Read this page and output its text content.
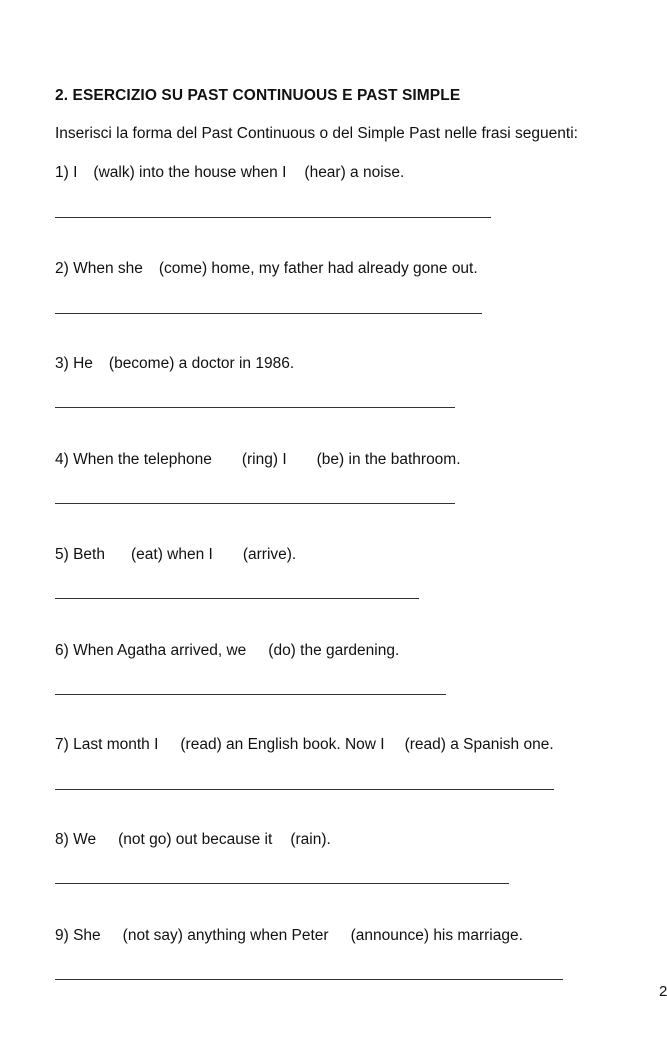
2. ESERCIZIO SU PAST CONTINUOUS E PAST SIMPLE
Inserisci la forma del Past Continuous o del Simple Past nelle frasi seguenti:
1) I (walk) into the house when I (hear) a noise.
2) When she (come) home, my father had already gone out.
3) He (become) a doctor in 1986.
4) When the telephone (ring) I (be) in the bathroom.
5) Beth (eat) when I (arrive).
6) When Agatha arrived, we (do) the gardening.
7) Last month I (read) an English book. Now I (read) a Spanish one.
8) We (not go) out because it (rain).
9) She (not say) anything when Peter (announce) his marriage.
2
